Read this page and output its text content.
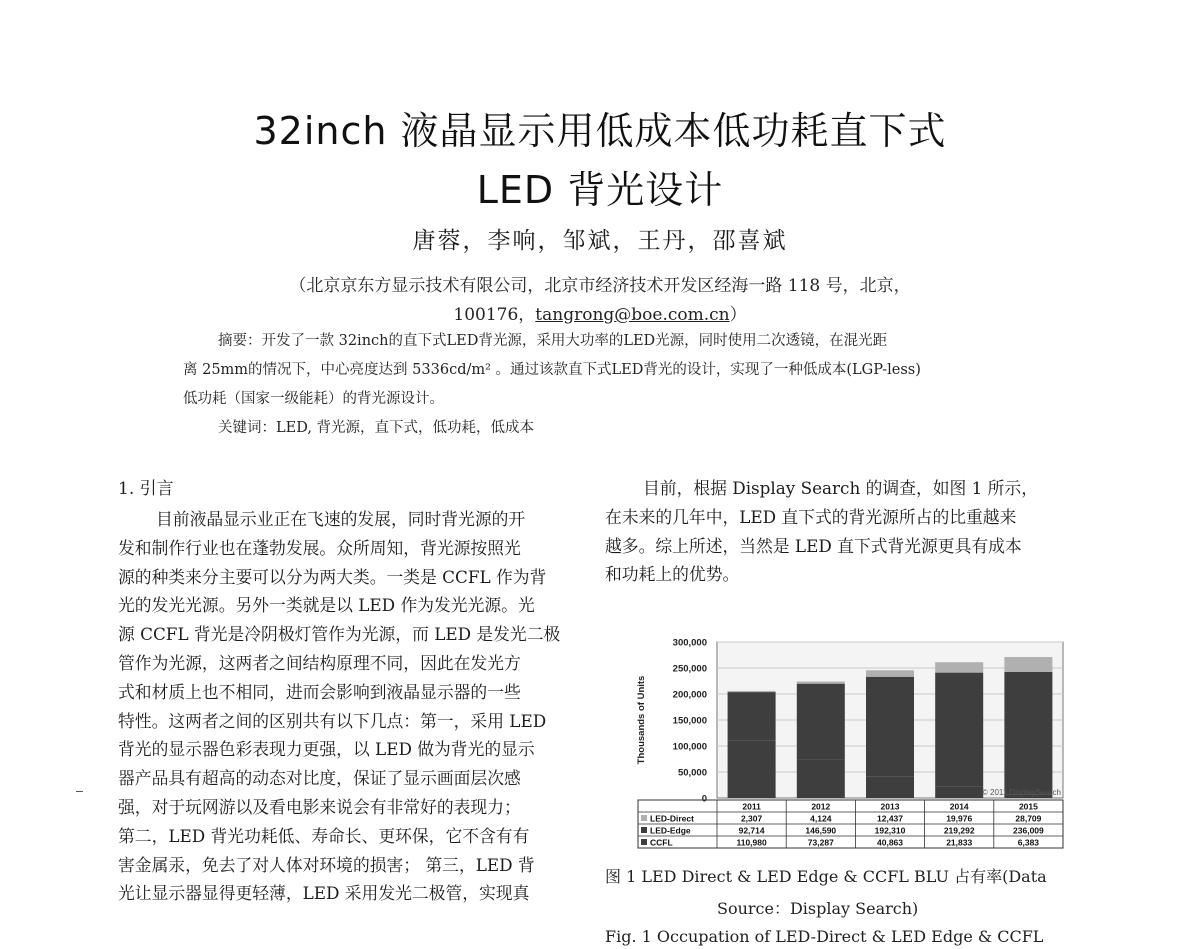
32inch 液晶显示用低成本低功耗直下式
LED 背光设计
唐蓉，李响，邹斌，王丹，邵喜斌
（北京京东方显示技术有限公司，北京市经济技术开发区经海一路 118 号，北京，
100176，tangrong@boe.com.cn）
摘要：开发了一款 32inch的直下式LED背光源，采用大功率的LED光源，同时使用二次透镜，在混光距
离 25mm的情况下，中心亮度达到 5336cd/m² 。通过该款直下式LED背光的设计，实现了一种低成本(LGP-less)
低功耗（国家一级能耗）的背光源设计。
关键词：LED, 背光源，直下式，低功耗，低成本
1. 引言
目前液晶显示业正在飞速的发展，同时背光源的开
发和制作行业也在蓬勃发展。众所周知，背光源按照光
源的种类来分主要可以分为两大类。一类是 CCFL 作为背
光的发光光源。另外一类就是以 LED 作为发光光源。光
源 CCFL 背光是冷阴极灯管作为光源，而 LED 是发光二极
管作为光源，这两者之间结构原理不同，因此在发光方
式和材质上也不相同，进而会影响到液晶显示器的一些
特性。这两者之间的区别共有以下几点：第一，采用 LED
背光的显示器色彩表现力更强，以 LED 做为背光的显示
器产品具有超高的动态对比度，保证了显示画面层次感
强，对于玩网游以及看电影来说会有非常好的表现力；
第二，LED 背光功耗低、寿命长、更环保，它不含有有
害金属汞，免去了对人体对环境的损害； 第三，LED 背
光让显示器显得更轻薄，LED 采用发光二极管，实现真
目前，根据 Display Search 的调查，如图 1 所示，
在未来的几年中，LED 直下式的背光源所占的比重越来
越多。综上所述，当然是 LED 直下式背光源更具有成本
和功耗上的优势。
0
50,000
100,000
150,000
200,000
250,000
300,000
Thousands of Units
© 2011 DisplaySearch
2011	2012	2013	2014	2015
LED-Direct	2,307	4,124	12,437	19,976	28,709
LED-Edge	92,714	146,590	192,310	219,292	236,009
CCFL	110,980	73,287	40,863	21,833	6,383
图 1 LED Direct & LED Edge & CCFL BLU 占有率(Data
Source：Display Search)
Fig. 1 Occupation of LED-Direct & LED Edge & CCFL
